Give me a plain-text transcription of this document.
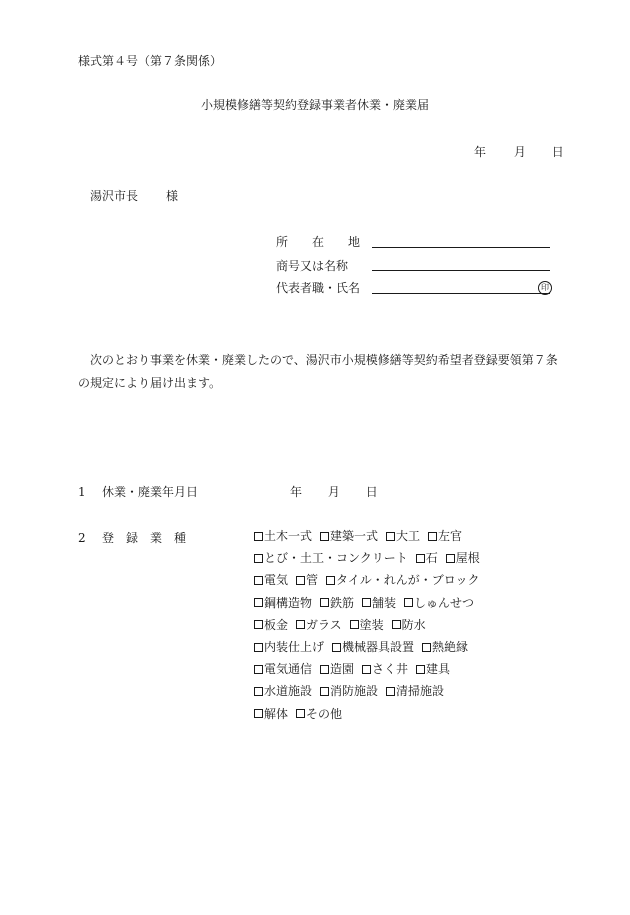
様式第４号（第７条関係）
小規模修繕等契約登録事業者休業・廃業届
年 月 日
湯沢市長 様
所　　在　　地
商号又は名称
代表者職・氏名	印

次のとおり事業を休業・廃業したので、湯沢市小規模修繕等契約希望者登録要領第７条

の規定により届け出ます。

1 休業・廃業年月日	年 月 日
2 登　録　業　種	土木一式 建築一式 大工 左官
とび・土工・コンクリート 石 屋根
電気 管 タイル・れんが・ブロック
鋼構造物 鉄筋 舗装 しゅんせつ
板金 ガラス 塗装 防水
内装仕上げ 機械器具設置 熱絶縁
電気通信 造園 さく井 建具
水道施設 消防施設 清掃施設
解体 その他
